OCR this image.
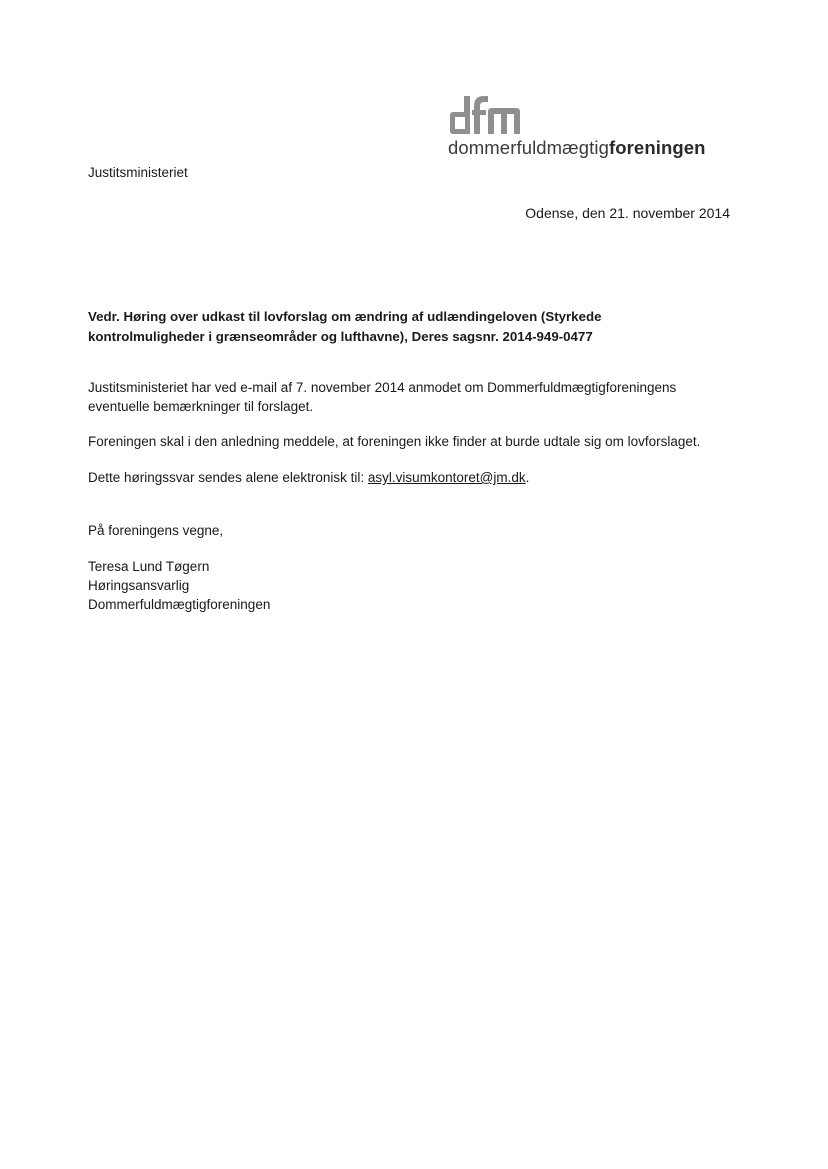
dommerfuldmægtigforeningen
Justitsministeriet
Odense, den 21. november 2014
Vedr. Høring over udkast til lovforslag om ændring af udlændingeloven (Styrkede kontrolmuligheder i grænseområder og lufthavne), Deres sagsnr. 2014-949-0477
Justitsministeriet har ved e-mail af 7. november 2014 anmodet om Dommerfuldmægtigforeningens eventuelle bemærkninger til forslaget.
Foreningen skal i den anledning meddele, at foreningen ikke finder at burde udtale sig om lovforslaget.
Dette høringssvar sendes alene elektronisk til: asyl.visumkontoret@jm.dk.
På foreningens vegne,
Teresa Lund Tøgern
Høringsansvarlig
Dommerfuldmægtigforeningen
